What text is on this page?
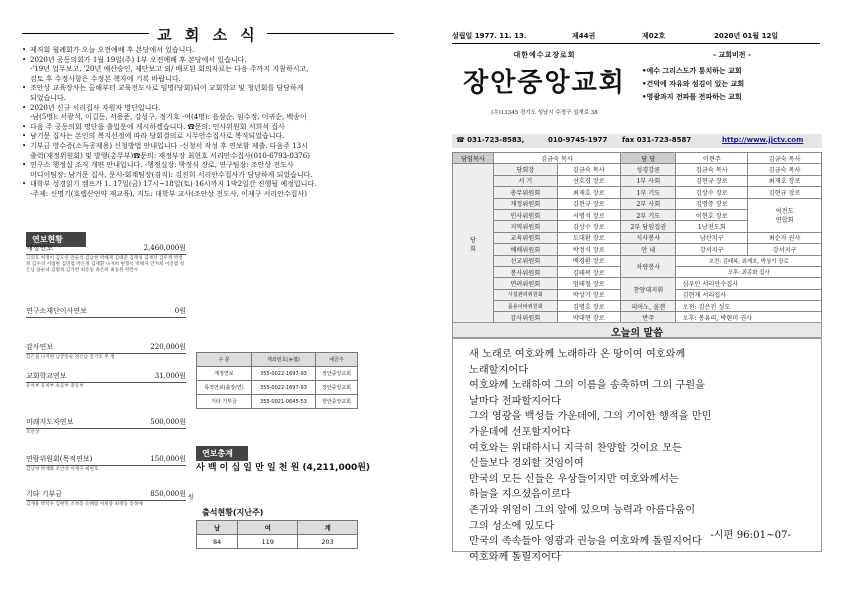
교 회 소 식
• 제직회 월례회가 오늘 오전예배 후 본당에서 있습니다.
• 2020년 공동의회가 1월 19일(주) 1부 오전예배 후 본당에서 있습니다.
-'19년 업무보고, '20년 예산승인, 재단보고 외/ 배포된 회의자료는 다음 주까지 지참하시고,
검토 후 수정사항은 수정본 책자에 기록 바랍니다.
• 조안상 교육장사는 올해부터 교육전도사로 임명(당회)되어 교회학교 및 청년회를 담당하게
되었습니다.
• 2020년 신규 서리집사 자원자 명단입니다.
-남(5명): 서광석, 이길동, 서용준, 강성구, 정기호 -여(4명): 음삼순, 임수정, 이귀순, 백송이
• 다음 주 공동의회 명단을 출입문에 게시하겠습니다. ☎문의: 인사위원회 서희석 집사
• 남기문 집사는 본인의 복지선정에 따라 당회결의로 시무안수집사로 복직되었습니다.
• 기부금 영수증(소득공제용) 신청방법 안내입니다 -신청서 작성 후 연보함 제출. 다음주 13시
출력(재정위원회) 및 발행(총무부)☎문의: 재정부장 최현호 서리안수집사(010-6793-0376)
• 연구소 행정실 조직 개편 안내입니다. -행정실장: 박정식 장로, 연구팀장: 조안상 전도사
미디어팀장: 남기문 집사, 문서·회계팀장(겸직): 김진희 서리안수집사가 담당하게 되었습니다.
• 대학부 성경읽기 캠프가 1. 17일(금) 17시~18일(토) 16시까지 1박2일간 진행될 예정입니다.
-주제: 신명기(호렙산언약 재교육), 지도: 대학부 교사(조안상 전도사, 이재구 서리안수집사)
연보현황
재정연보	2,460,000원
고의호 허정이 김도연 안순석 김남현 박해재 김태준 김재성 김재서 김우정 박정희 김우석 서범현 김민집 박은정 김재환 나지희 변형석 박해자 안지희 이진범 정은남 윤순녀 김명희 김가현 최동일 최은희 최승원 한만수
연구소재단이사연보	0원
감사연보	220,000원
김은실 나지현 남궁연순 정은남 장기호 무 명
교회학교연보	31,000원
유아부 유치부 초등부 중등부
미래지도자연보	500,000원
조안상
연람위원회(목적연보)	150,000원
김남현 박재화 조안상 이재구 최현호
기타 기부금	850,000원
김재용 박덕우 김현민 조정동 유해람 이희중 최정동 송정예
구 분	계좌번호(농협)	예금주
재정연보	355-0022-1697-93	장안중앙교회
목적연보(출장/연)	355-0022-1697-93	장안중앙교회
기타 기부금	355-0021-0645-53	장안중앙교회
연보총계
사 백 이 십 일 만 일 천 원 (4,211,000원)
원
출석현황(지난주)
남	여	계
84	119	203
설립일 1977. 11. 13.	제44권	제02호	2020년 01월 12일
대한예수교장로회
장안중앙교회
(우)13345 경기도 성남시 수정구 설개로 38
- 교회비전 -
•예수 그리스도가 통치하는 교회
•건덕에 자유와 섬김이 있는 교회
•영광과지 전파를 전파하는 교회
☎ 031-723-8583,	010-9745-1977 fax 031-723-8587	http://www.jjctv.com
담임목사	김금숙 목사		담 당	이현주	김금숙 목사

당
회	당회장	김금숙 목사	성경강론	김금숙 목사	김금숙 목사
	서 기	선호경 장로	1부 사회	김현규 장로	최재호 장로
	총무위원회	최재호 장로	1부 기도	김상수 장로	김현규 장로
	재정위원회	김현규 장로	2부 사회	김명중 장로	여전도
연합회

	인사위원회	서명석 장로	2부 기도	이현호 장로	
	지역위원회	김상수 장로	2부 담임집권	1남전도회	
	교육위원회	도대환 장로	식사봉사	남산지구	최순자 권사
	예배위원회	박정식 장로	안 내	강서지구	강서지구
	선교위원회	백경환 장로	차량봉사	오전: 김태복, 최재호, 박상기 장로	
	봉사위원회	김태복 장로		오후: 최종화 집사	
	면려위원회	엄태철 장로	찬양대지휘	심우인 서리안수집사	
	시설관리위원회	박상기 장로		김현재 서리집사	
	몸용이바위원회	김명호 장로	피아노, 올겐	오전: 김은진 성도	
	감사위원회	박대현 장로	반주	오후: 봉유리, 박현미 권사	
오늘의 말씀
새 노래로 여호와께 노래하라 온 땅이여 여호와께
노래할지어다
여호와께 노래하여 그의 이름을 송축하며 그의 구원을
날마다 전파할지어다
그의 영광을 백성들 가운데에, 그의 기이한 행적을 만민
가운데에 선포할지어다
여호와는 위대하시니 지극히 찬양할 것이요 모든
신들보다 경외할 것임이여
만국의 모든 신들은 우상들이지만 여호와께서는
하늘을 지으셨음이로다
존귀와 위엄이 그의 앞에 있으며 능력과 아름다움이
그의 성소에 있도다
만국의 족속들아 영광과 권능을 여호와께 돌릴지어다
여호와께 돌릴지어다
-시편 96:01~07-
